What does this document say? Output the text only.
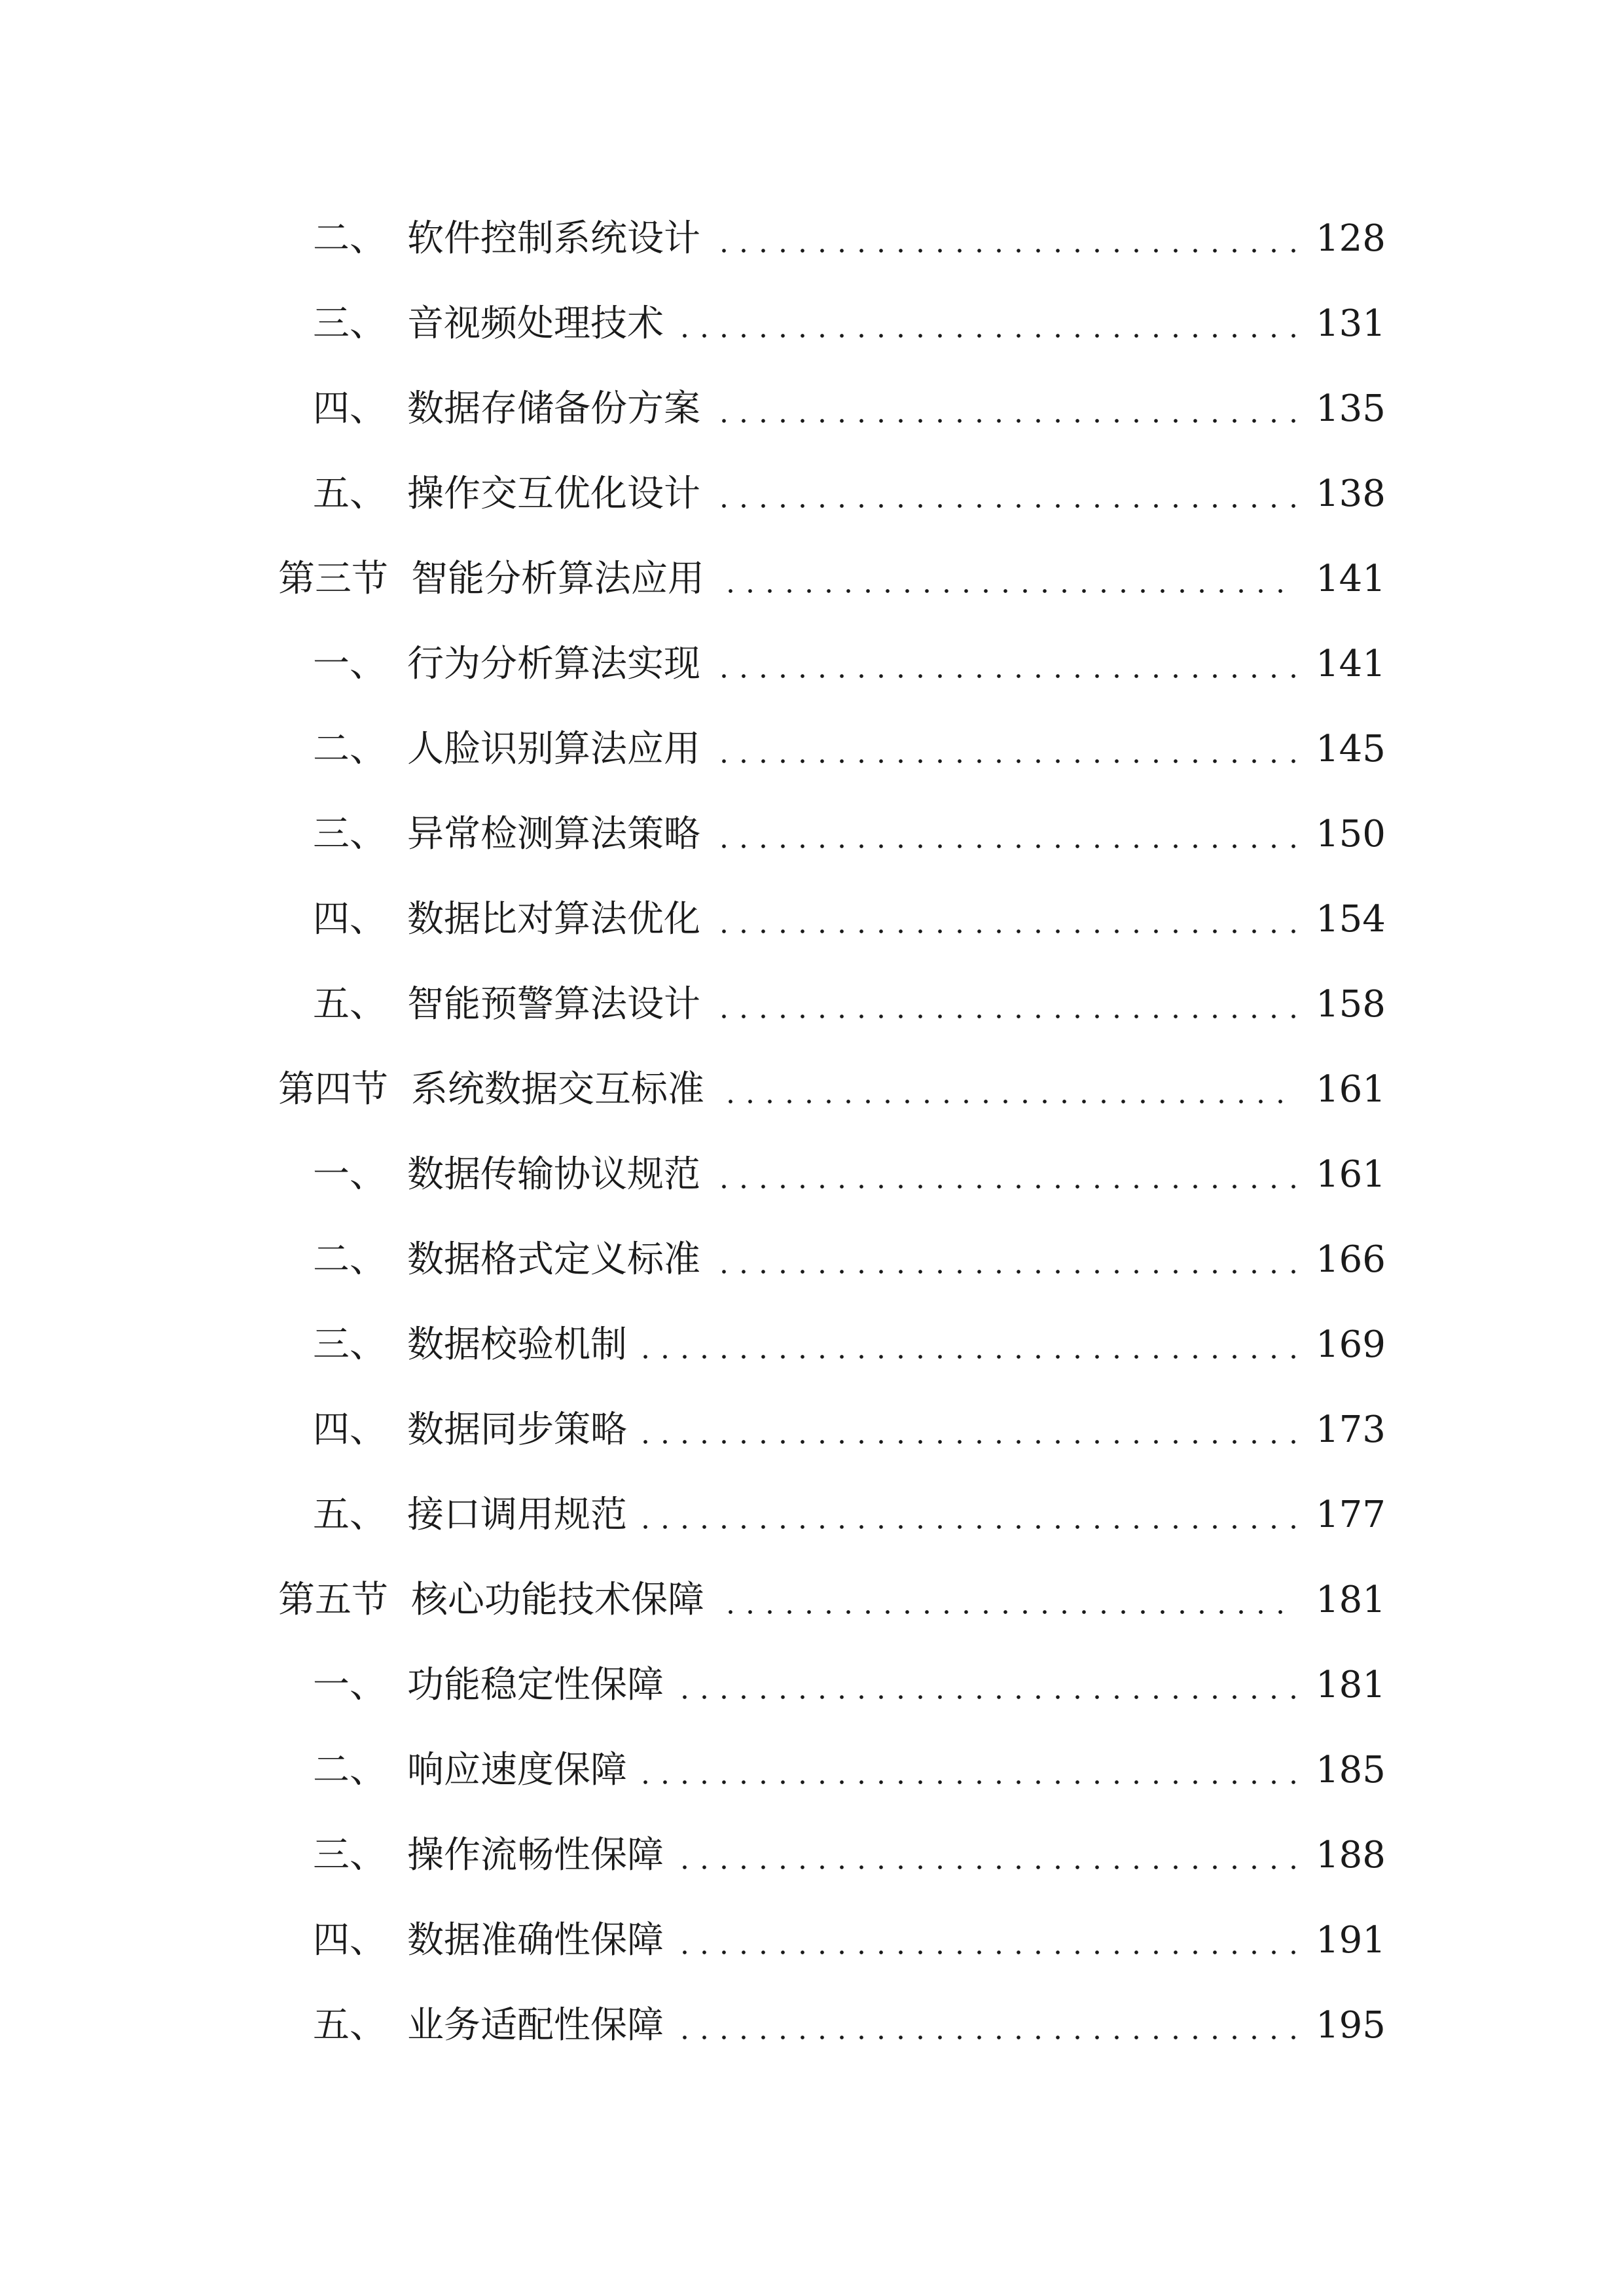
二、 软件控制系统设计	128
三、 音视频处理技术	131
四、 数据存储备份方案	135
五、 操作交互优化设计	138
第三节 智能分析算法应用	141
一、 行为分析算法实现	141
二、 人脸识别算法应用	145
三、 异常检测算法策略	150
四、 数据比对算法优化	154
五、 智能预警算法设计	158
第四节 系统数据交互标准	161
一、 数据传输协议规范	161
二、 数据格式定义标准	166
三、 数据校验机制	169
四、 数据同步策略	173
五、 接口调用规范	177
第五节 核心功能技术保障	181
一、 功能稳定性保障	181
二、 响应速度保障	185
三、 操作流畅性保障	188
四、 数据准确性保障	191
五、 业务适配性保障	195
